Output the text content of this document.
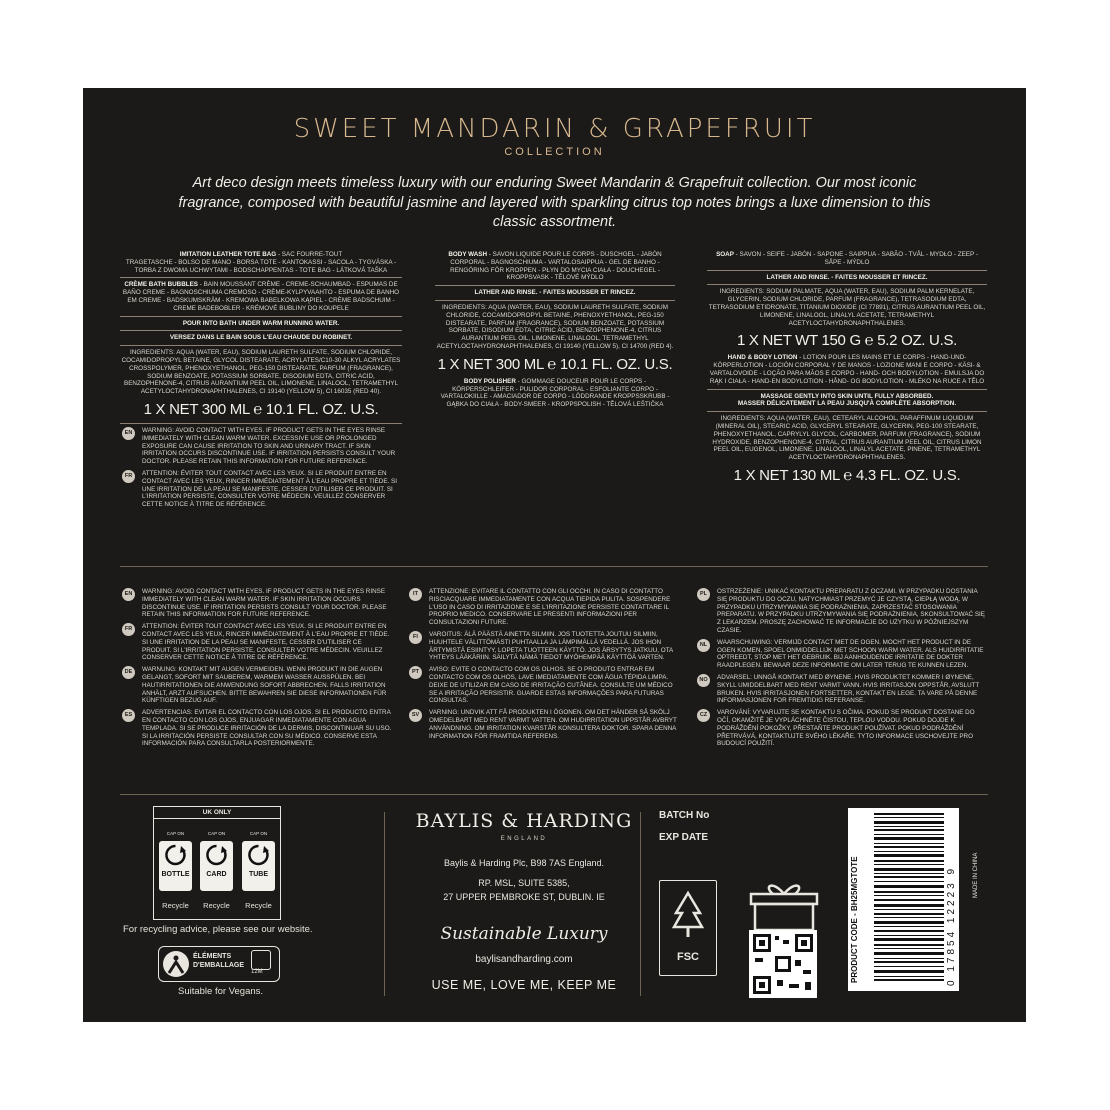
SWEET MANDARIN & GRAPEFRUIT
COLLECTION
Art deco design meets timeless luxury with our enduring Sweet Mandarin & Grapefruit collection. Our most iconic fragrance, composed with beautiful jasmine and layered with sparkling citrus top notes brings a luxe dimension to this classic assortment.
IMITATION LEATHER TOTE BAG - SAC FOURRE-TOUT
TRAGETASCHE - BOLSO DE MANO - BORSA TOTE - KANTOKASSI - SACOLA - TYGVÄSKA - TORBA Z DWOMA UCHWYTAMI - BODSCHAPPENTAS - TOTE BAG - LÁTKOVÁ TAŠKA
CRÈME BATH BUBBLES - BAIN MOUSSANT CRÈME - CREME-SCHAUMBAD - ESPUMAS DE BAÑO CREME - BAGNOSCHIUMA CREMOSO - CRÈME-KYLPYVAAHTO - ESPUMA DE BANHO EM CREME - BADSKUMSKRÄM - KREMOWA BABELKOWA KĄPIEL - CRÈME BADSCHUIM - CREME BADEBOBLER - KRÉMOVÉ BUBLINY DO KOUPELE
POUR INTO BATH UNDER WARM RUNNING WATER.
VERSEZ DANS LE BAIN SOUS L'EAU CHAUDE DU ROBINET.
INGREDIENTS: AQUA (WATER, EAU), SODIUM LAURETH SULFATE, SODIUM CHLORIDE, COCAMIDOPROPYL BETAINE, GLYCOL DISTEARATE, ACRYLATES/C10-30 ALKYL ACRYLATES CROSSPOLYMER, PHENOXYETHANOL, PEG-150 DISTEARATE, PARFUM (FRAGRANCE), SODIUM BENZOATE, POTASSIUM SORBATE, DISODIUM EDTA, CITRIC ACID, BENZOPHENONE-4, CITRUS AURANTIUM PEEL OIL, LIMONENE, LINALOOL, TETRAMETHYL ACETYLOCTAHYDRONAPHTHALENES, CI 19140 (YELLOW 5), CI 16035 (RED 40).
1 X NET 300 ML ℮ 10.1 FL. OZ. U.S.
EN	WARNING: AVOID CONTACT WITH EYES. IF PRODUCT GETS IN THE EYES RINSE IMMEDIATELY WITH CLEAN WARM WATER. EXCESSIVE USE OR PROLONGED EXPOSURE CAN CAUSE IRRITATION TO SKIN AND URINARY TRACT. IF SKIN IRRITATION OCCURS DISCONTINUE USE. IF IRRITATION PERSISTS CONSULT YOUR DOCTOR. PLEASE RETAIN THIS INFORMATION FOR FUTURE REFERENCE.
FR	ATTENTION: ÉVITER TOUT CONTACT AVEC LES YEUX. SI LE PRODUIT ENTRE EN CONTACT AVEC LES YEUX, RINCER IMMÉDIATEMENT À L'EAU PROPRE ET TIÈDE. SI UNE IRRITATION DE LA PEAU SE MANIFESTE, CESSER D'UTILISER CE PRODUIT. SI L'IRRITATION PERSISTE, CONSULTER VOTRE MÉDECIN. VEUILLEZ CONSERVER CETTE NOTICE À TITRE DE RÉFÉRENCE.
BODY WASH - SAVON LIQUIDE POUR LE CORPS - DUSCHGEL - JABÓN CORPORAL - BAGNOSCHIUMA - VARTALOSAIPPUA - GEL DE BANHO - RENGÖRING FÖR KROPPEN - PŁYN DO MYCIA CIAŁA - DOUCHEGEL - KROPPSVASK - TĚLOVÉ MÝDLO
LATHER AND RINSE. - FAITES MOUSSER ET RINCEZ.
INGREDIENTS: AQUA (WATER, EAU), SODIUM LAURETH SULFATE, SODIUM CHLORIDE, COCAMIDOPROPYL BETAINE, PHENOXYETHANOL, PEG-150 DISTEARATE, PARFUM (FRAGRANCE), SODIUM BENZOATE, POTASSIUM SORBATE, DISODIUM EDTA, CITRIC ACID, BENZOPHENONE-4, CITRUS AURANTIUM PEEL OIL, LIMONENE, LINALOOL, TETRAMETHYL ACETYLOCTAHYDRONAPHTHALENES, CI 19140 (YELLOW 5), CI 14700 (RED 4).
1 X NET 300 ML ℮ 10.1 FL. OZ. U.S.
BODY POLISHER - GOMMAGE DOUCEUR POUR LE CORPS - KÖRPERSCHLEIFER - PULIDOR CORPORAL - ESFOLIANTE CORPO - VARTALOKIILLE - AMACIADOR DE CORPO - LÖDDRANDE KROPPSSKRUBB - GĄBKA DO CIAŁA - BODY-SMEER - KROPPSPOLISH - TĚLOVÁ LEŠTIČKA
SOAP - SAVON - SEIFE - JABÓN - SAPONE - SAIPPUA - SABÃO - TVÅL - MYDŁO - ZEEP - SÅPE - MÝDLO
LATHER AND RINSE. - FAITES MOUSSER ET RINCEZ.
INGREDIENTS: SODIUM PALMATE, AQUA (WATER, EAU), SODIUM PALM KERNELATE, GLYCERIN, SODIUM CHLORIDE, PARFUM (FRAGRANCE), TETRASODIUM EDTA, TETRASODIUM ETIDRONATE, TITANIUM DIOXIDE (CI 77891), CITRUS AURANTIUM PEEL OIL, LIMONENE, LINALOOL, LINALYL ACETATE, TETRAMETHYL ACETYLOCTAHYDRONAPHTHALENES.
1 X NET WT 150 G ℮ 5.2 OZ. U.S.
HAND & BODY LOTION - LOTION POUR LES MAINS ET LE CORPS - HAND-UND-KÖRPERLOTION - LOCIÓN CORPORAL Y DE MANOS - LOZIONE MANI E CORPO - KÄSI- & VARTALOVOIDE - LOÇÃO PARA MÃOS E CORPO - HAND- OCH BODYLOTION - EMULSJA DO RĄK I CIAŁA - HAND-EN BODYLOTION - HÅND- OG BODYLOTION - MLÉKO NA RUCE A TĚLO
MASSAGE GENTLY INTO SKIN UNTIL FULLY ABSORBED.
MASSER DÉLICATEMENT LA PEAU JUSQU'À COMPLÈTE ABSORPTION.
INGREDIENTS: AQUA (WATER, EAU), CETEARYL ALCOHOL, PARAFFINUM LIQUIDUM (MINERAL OIL), STEARIC ACID, GLYCERYL STEARATE, GLYCERIN, PEG-100 STEARATE, PHENOXYETHANOL, CAPRYLYL GLYCOL, CARBOMER, PARFUM (FRAGRANCE), SODIUM HYDROXIDE, BENZOPHENONE-4, CITRAL, CITRUS AURANTIUM PEEL OIL, CITRUS LIMON PEEL OIL, EUGENOL, LIMONENE, LINALOOL, LINALYL ACETATE, PINENE, TETRAMETHYL ACETYLOCTAHYDRONAPHTHALENES.
1 X NET 130 ML ℮ 4.3 FL. OZ. U.S.
EN	WARNING: AVOID CONTACT WITH EYES. IF PRODUCT GETS IN THE EYES RINSE IMMEDIATELY WITH CLEAN WARM WATER. IF SKIN IRRITATION OCCURS DISCONTINUE USE. IF IRRITATION PERSISTS CONSULT YOUR DOCTOR. PLEASE RETAIN THIS INFORMATION FOR FUTURE REFERENCE.
FR	ATTENTION: ÉVITER TOUT CONTACT AVEC LES YEUX. SI LE PRODUIT ENTRE EN CONTACT AVEC LES YEUX, RINCER IMMÉDIATEMENT À L'EAU PROPRE ET TIÈDE. SI UNE IRRITATION DE LA PEAU SE MANIFESTE, CESSER D'UTILISER CE PRODUIT. SI L'IRRITATION PERSISTE, CONSULTER VOTRE MÉDECIN. VEUILLEZ CONSERVER CETTE NOTICE À TITRE DE RÉFÉRENCE.
DE	WARNUNG: KONTAKT MIT AUGEN VERMEIDEN. WENN PRODUKT IN DIE AUGEN GELANGT, SOFORT MIT SAUBEREM, WARMEM WASSER AUSSPÜLEN. BEI HAUTIRRITATIONEN DIE ANWENDUNG SOFORT ABBRECHEN. FALLS IRRITATION ANHÄLT, ARZT AUFSUCHEN. BITTE BEWAHREN SIE DIESE INFORMATIONEN FÜR KÜNFTIGEN BEZUG AUF.
ES	ADVERTENCIAS: EVITAR EL CONTACTO CON LOS OJOS. SI EL PRODUCTO ENTRA EN CONTACTO CON LOS OJOS, ENJUAGAR INMEDIATAMENTE CON AGUA TEMPLADA. SI SE PRODUCE IRRITACIÓN DE LA DERMIS, DISCONTINUAR SU USO. SI LA IRRITACIÓN PERSISTE CONSULTAR CON SU MÉDICO. CONSERVE ESTA INFORMACIÓN PARA CONSULTARLA POSTERIORMENTE.
IT	ATTENZIONE: EVITARE IL CONTATTO CON GLI OCCHI. IN CASO DI CONTATTO RISCIACQUARE IMMEDIATAMENTE CON ACQUA TIEPIDA PULITA. SOSPENDERE L'USO IN CASO DI IRRITAZIONE E SE L'IRRITAZIONE PERSISTE CONTATTARE IL PROPRIO MEDICO. CONSERVARE LE PRESENTI INFORMAZIONI PER CONSULTAZIONI FUTURE.
FI	VAROITUS: ÄLÄ PÄÄSTÄ AINETTA SILMIIN. JOS TUOTETTA JOUTUU SILMIIN, HUUHTELE VÄLITTÖMÄSTI PUHTAALLA JA LÄMPIMÄLLÄ VEDELLÄ. JOS IHON ÄRTYMISTÄ ESIINTYY, LOPETA TUOTTEEN KÄYTTÖ. JOS ÄRSYTYS JATKUU, OTA YHTEYS LÄÄKÄRIIN. SÄILYTÄ NÄMÄ TIEDOT MYÖHEMPÄÄ KÄYTTÖÄ VARTEN.
PT	AVISO: EVITE O CONTACTO COM OS OLHOS. SE O PRODUTO ENTRAR EM CONTACTO COM OS OLHOS, LAVE IMEDIATAMENTE COM ÁGUA TÉPIDA LIMPA. DEIXE DE UTILIZAR EM CASO DE IRRITAÇÃO CUTÂNEA. CONSULTE UM MÉDICO SE A IRRITAÇÃO PERSISTIR. GUARDE ESTAS INFORMAÇÕES PARA FUTURAS CONSULTAS.
SV	VARNING: UNDVIK ATT FÅ PRODUKTEN I ÖGONEN. OM DET HÄNDER SÅ SKÖLJ OMEDELBART MED RENT VARMT VATTEN. OM HUDIRRITATION UPPSTÅR AVBRYT ANVÄNDNING. OM IRRITATION KVARSTÅR KONSULTERA DOKTOR. SPARA DENNA INFORMATION FÖR FRAMTIDA REFERENS.
PL	OSTRZEŻENIE: UNIKAĆ KONTAKTU PREPARATU Z OCZAMI. W PRZYPADKU DOSTANIA SIĘ PRODUKTU DO OCZU, NATYCHMIAST PRZEMYĆ JE CZYSTĄ, CIEPŁĄ WODĄ. W PRZYPADKU UTRZYMYWANIA SIĘ PODRAŻNIENIA, ZAPRZESTAĆ STOSOWANIA PREPARATU. W PRZYPADKU UTRZYMYWANIA SIĘ PODRAŻNIENIA, SKONSULTOWAĆ SIĘ Z LEKARZEM. PROSZĘ ZACHOWAĆ TE INFORMACJE DO UŻYTKU W PÓŹNIEJSZYM CZASIE.
NL	WAARSCHUWING: VERMIJD CONTACT MET DE OGEN. MOCHT HET PRODUCT IN DE OGEN KOMEN, SPOEL ONMIDDELLIJK MET SCHOON WARM WATER. ALS HUIDIRRITATIE OPTREEDT, STOP MET HET GEBRUIK. BIJ AANHOUDENDE IRRITATIE DE DOKTER RAADPLEGEN. BEWAAR DEZE INFORMATIE OM LATER TERUG TE KUNNEN LEZEN.
NO	ADVARSEL: UNNGÅ KONTAKT MED ØYNENE. HVIS PRODUKTET KOMMER I ØYNENE, SKYLL UMIDDELBART MED RENT VARMT VANN. HVIS IRRITASJON OPPSTÅR, AVSLUTT BRUKEN. HVIS IRRITASJONEN FORTSETTER, KONTAKT EN LEGE. TA VARE PÅ DENNE INFORMASJONEN FOR FREMTIDIG REFERANSE.
CZ	VAROVÁNÍ: VYVARUJTE SE KONTAKTU S OČIMA. POKUD SE PRODUKT DOSTANE DO OČÍ, OKAMŽITĚ JE VYPLÁCHNĚTE ČISTOU, TEPLOU VODOU. POKUD DOJDE K PODRÁŽDĚNÍ POKOŽKY, PŘESTAŇTE PRODUKT POUŽÍVAT. POKUD PODRÁŽDĚNÍ PŘETRVÁVÁ, KONTAKTUJTE SVÉHO LÉKAŘE. TYTO INFORMACE USCHOVEJTE PRO BUDOUCÍ POUŽITÍ.
UK ONLY
CAP ON
BOTTLE
Recycle
CAP ON
CARD
Recycle
CAP ON
TUBE
Recycle
For recycling advice, please see our website.
ÉLÉMENTS D'EMBALLAGE
12M
Suitable for Vegans.
BAYLIS & HARDING
ENGLAND
Baylis & Harding Plc, B98 7AS England.
RP. MSL, SUITE 5385,
27 UPPER PEMBROKE ST, DUBLIN. IE
Sustainable Luxury
baylisandharding.com
USE ME, LOVE ME, KEEP ME
BATCH No
EXP DATE
FSC	PRODUCT CODE - BH25MGTOTE	0 17854 12223 9	MADE IN CHINA
